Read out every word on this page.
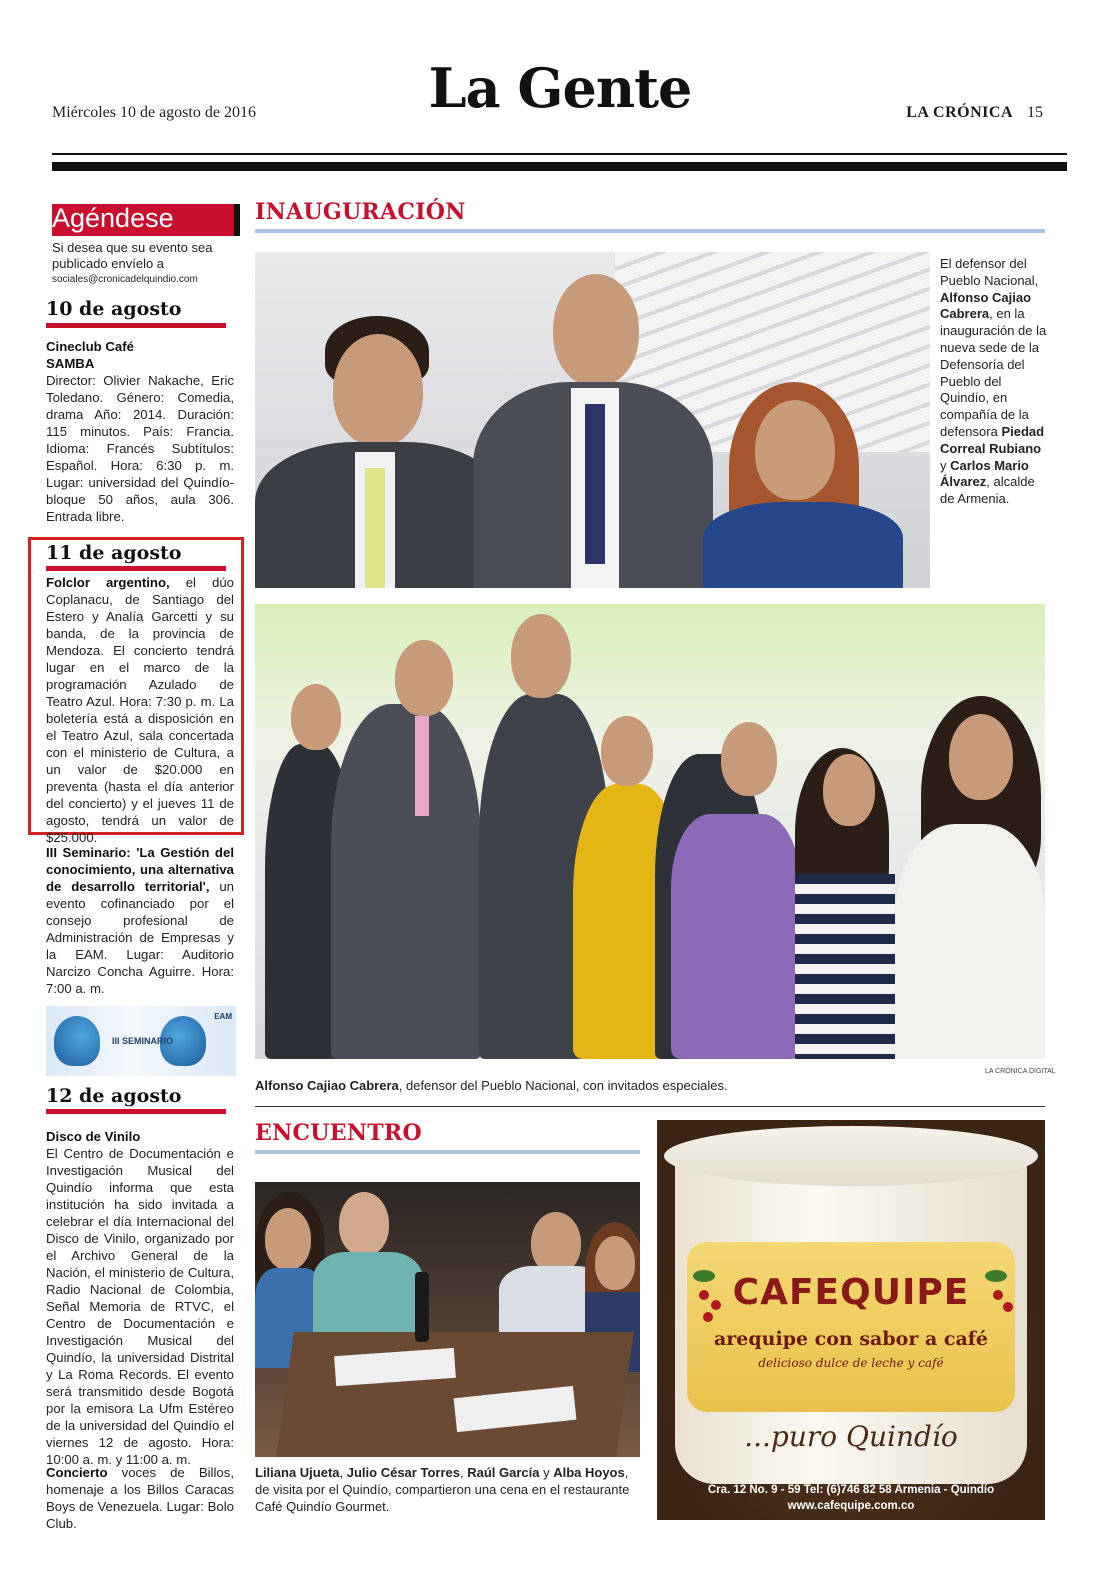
Miércoles 10 de agosto de 2016	La Gente	LA CRÓNICA 15
Agéndese
Si desea que su evento sea publicado envíelo a
sociales@cronicadelquindio.com
10 de agosto
Cineclub Café
SAMBA
Director: Olivier Nakache, Eric Toledano. Género: Comedia, drama Año: 2014. Duración: 115 minutos. País: Francia. Idioma: Francés Subtítulos: Español. Hora: 6:30 p. m. Lugar: universidad del Quindío-bloque 50 años, aula 306. Entrada libre.
11 de agosto
Folclor argentino, el dúo Coplanacu, de Santiago del Estero y Analía Garcetti y su banda, de la provincia de Mendoza. El concierto tendrá lugar en el marco de la programación Azulado de Teatro Azul. Hora: 7:30 p. m. La boletería está a disposición en el Teatro Azul, sala concertada con el ministerio de Cultura, a un valor de $20.000 en preventa (hasta el día anterior del concierto) y el jueves 11 de agosto, tendrá un valor de $25.000.
III Seminario: 'La Gestión del conocimiento, una alternativa de desarrollo territorial', un evento cofinanciado por el consejo profesional de Administración de Empresas y la EAM. Lugar: Auditorio Narcizo Concha Aguirre. Hora: 7:00 a. m.
III SEMINARIO
EAM
12 de agosto
Disco de Vinilo
El Centro de Documentación e Investigación Musical del Quindío informa que esta institución ha sido invitada a celebrar el día Internacional del Disco de Vinilo, organizado por el Archivo General de la Nación, el ministerio de Cultura, Radio Nacional de Colombia, Señal Memoria de RTVC, el Centro de Documentación e Investigación Musical del Quindío, la universidad Distrital y La Roma Records. El evento será transmitido desde Bogotá por la emisora La Ufm Estéreo de la universidad del Quindío el viernes 12 de agosto. Hora: 10:00 a. m. y 11:00 a. m.
Concierto voces de Billos, homenaje a los Billos Caracas Boys de Venezuela. Lugar: Bolo Club.
INAUGURACIÓN
El defensor del Pueblo Nacional, Alfonso Cajiao Cabrera, en la inauguración de la nueva sede de la Defensoría del Pueblo del Quindío, en compañía de la defensora Piedad Correal Rubiano y Carlos Mario Álvarez, alcalde de Armenia.
LA CRÓNICA DIGITAL
Alfonso Cajiao Cabrera, defensor del Pueblo Nacional, con invitados especiales.
ENCUENTRO
Liliana Ujueta, Julio César Torres, Raúl García y Alba Hoyos, de visita por el Quindío, compartieron una cena en el restaurante Café Quindío Gourmet.
CAFEQUIPE
arequipe con sabor a café
delicioso dulce de leche y café
...puro Quindío
Cra. 12 No. 9 - 59 Tel: (6)746 82 58 Armenia - Quindío
www.cafequipe.com.co
